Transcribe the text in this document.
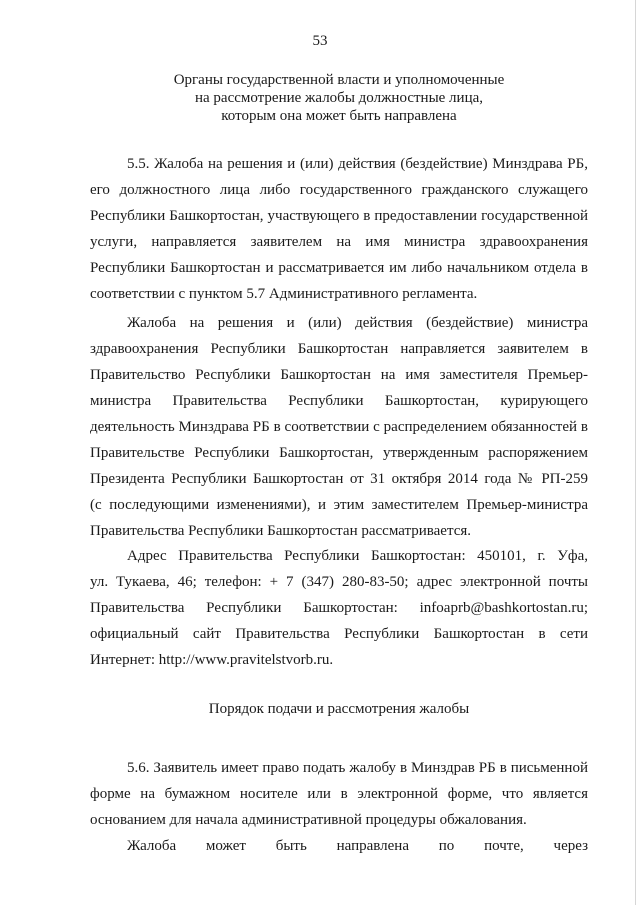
53
Органы государственной власти и уполномоченные
на рассмотрение жалобы должностные лица,
которым она может быть направлена
5.5. Жалоба на решения и (или) действия (бездействие) Минздрава РБ,
его должностного лица либо государственного гражданского служащего
Республики Башкортостан, участвующего в предоставлении государственной
услуги, направляется заявителем на имя министра здравоохранения
Республики Башкортостан и рассматривается им либо начальником отдела в
соответствии с пунктом 5.7 Административного регламента.
Жалоба на решения и (или) действия (бездействие) министра
здравоохранения Республики Башкортостан направляется заявителем в
Правительство Республики Башкортостан на имя заместителя Премьер-
министра Правительства Республики Башкортостан, курирующего
деятельность Минздрава РБ в соответствии с распределением обязанностей в
Правительстве Республики Башкортостан, утвержденным распоряжением
Президента Республики Башкортостан от 31 октября 2014 года № РП-259
(с последующими изменениями), и этим заместителем Премьер-министра
Правительства Республики Башкортостан рассматривается.
Адрес Правительства Республики Башкортостан: 450101, г. Уфа,
ул. Тукаева, 46; телефон: + 7 (347) 280-83-50; адрес электронной почты
Правительства Республики Башкортостан: infoaprb@bashkortostan.ru;
официальный сайт Правительства Республики Башкортостан в сети
Интернет: http://www.pravitelstvorb.ru.
Порядок подачи и рассмотрения жалобы
5.6. Заявитель имеет право подать жалобу в Минздрав РБ в письменной
форме на бумажном носителе или в электронной форме, что является
основанием для начала административной процедуры обжалования.
Жалоба может быть направлена по почте, через
